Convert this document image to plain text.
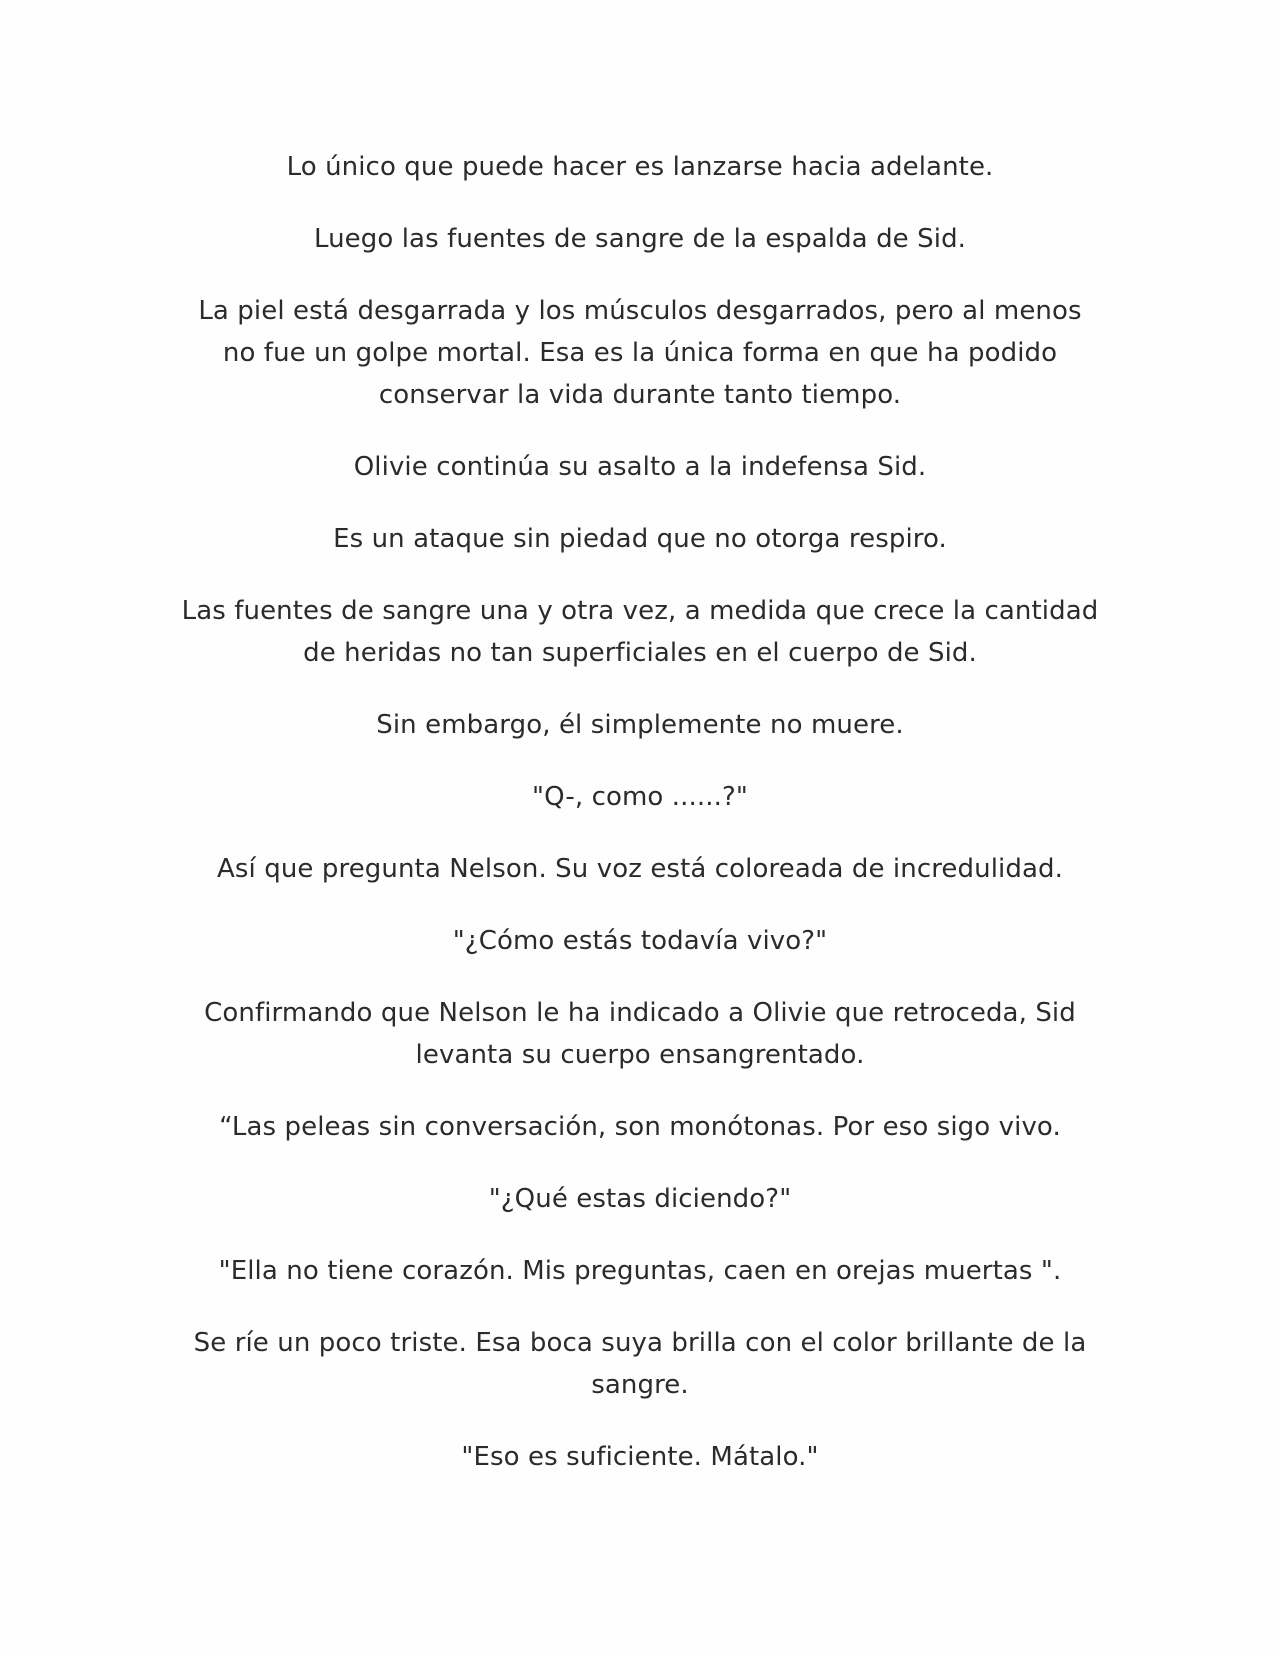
Lo único que puede hacer es lanzarse hacia adelante.

Luego las fuentes de sangre de la espalda de Sid.

La piel está desgarrada y los músculos desgarrados, pero al menos no fue un golpe mortal. Esa es la única forma en que ha podido conservar la vida durante tanto tiempo.

Olivie continúa su asalto a la indefensa Sid.

Es un ataque sin piedad que no otorga respiro.

Las fuentes de sangre una y otra vez, a medida que crece la cantidad de heridas no tan superficiales en el cuerpo de Sid.

Sin embargo, él simplemente no muere.

"Q-, como ......?"

Así que pregunta Nelson. Su voz está coloreada de incredulidad.

"¿Cómo estás todavía vivo?"

Confirmando que Nelson le ha indicado a Olivie que retroceda, Sid levanta su cuerpo ensangrentado.

“Las peleas sin conversación, son monótonas. Por eso sigo vivo.

"¿Qué estas diciendo?"

"Ella no tiene corazón. Mis preguntas, caen en orejas muertas ".

Se ríe un poco triste. Esa boca suya brilla con el color brillante de la sangre.

"Eso es suficiente. Mátalo."
